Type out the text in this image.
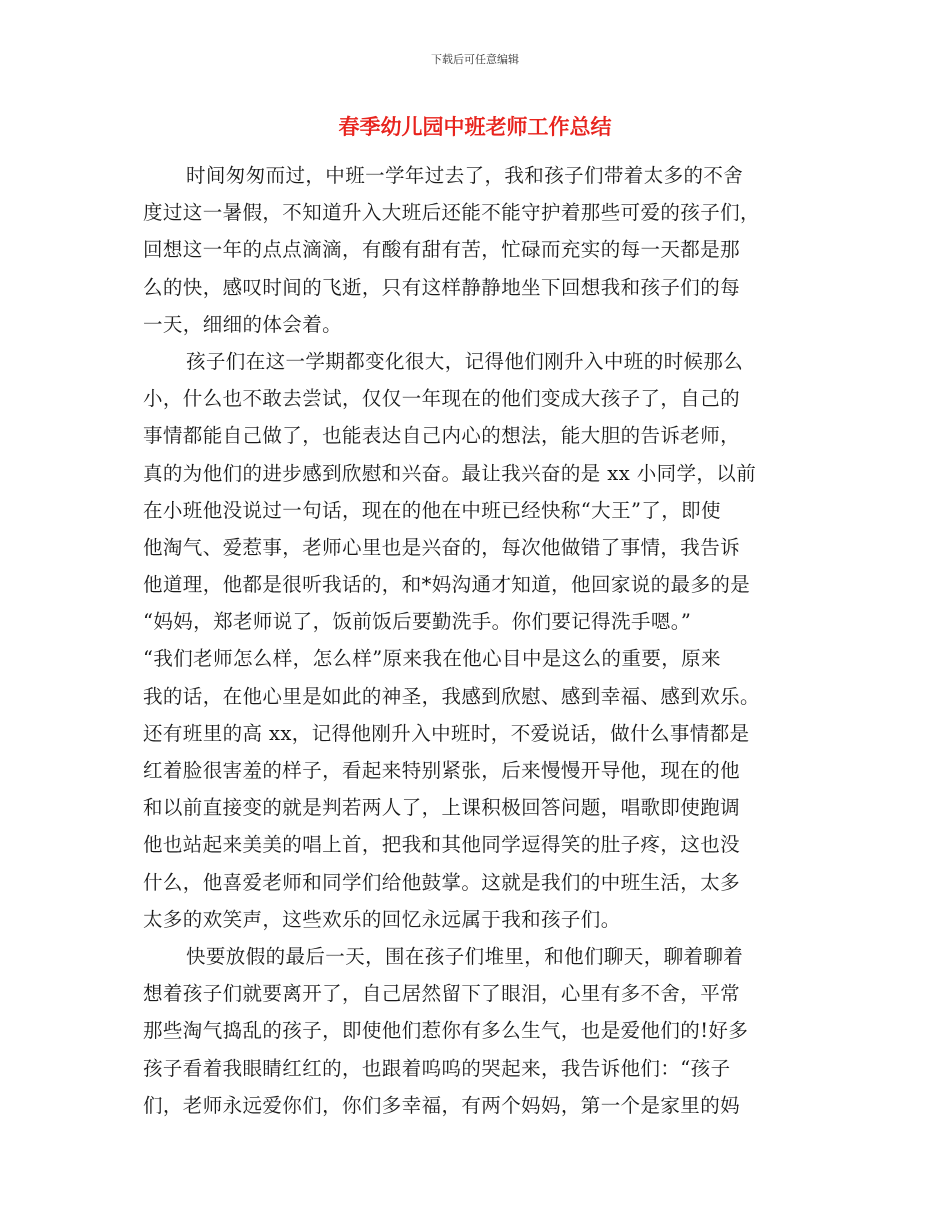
下载后可任意编辑
春季幼儿园中班老师工作总结
时间匆匆而过，中班一学年过去了，我和孩子们带着太多的不舍
度过这一暑假，不知道升入大班后还能不能守护着那些可爱的孩子们，
回想这一年的点点滴滴，有酸有甜有苦，忙碌而充实的每一天都是那
么的快，感叹时间的飞逝，只有这样静静地坐下回想我和孩子们的每
一天，细细的体会着。
孩子们在这一学期都变化很大，记得他们刚升入中班的时候那么
小，什么也不敢去尝试，仅仅一年现在的他们变成大孩子了，自己的
事情都能自己做了，也能表达自己内心的想法，能大胆的告诉老师，
真的为他们的进步感到欣慰和兴奋。最让我兴奋的是 xx 小同学，以前
在小班他没说过一句话，现在的他在中班已经快称“大王”了，即使
他淘气、爱惹事，老师心里也是兴奋的，每次他做错了事情，我告诉
他道理，他都是很听我话的，和*妈沟通才知道，他回家说的最多的是
“妈妈，郑老师说了，饭前饭后要勤洗手。你们要记得洗手嗯。”
“我们老师怎么样，怎么样”原来我在他心目中是这么的重要，原来
我的话，在他心里是如此的神圣，我感到欣慰、感到幸福、感到欢乐。
还有班里的高 xx，记得他刚升入中班时，不爱说话，做什么事情都是
红着脸很害羞的样子，看起来特别紧张，后来慢慢开导他，现在的他
和以前直接变的就是判若两人了，上课积极回答问题，唱歌即使跑调
他也站起来美美的唱上首，把我和其他同学逗得笑的肚子疼，这也没
什么，他喜爱老师和同学们给他鼓掌。这就是我们的中班生活，太多
太多的欢笑声，这些欢乐的回忆永远属于我和孩子们。
快要放假的最后一天，围在孩子们堆里，和他们聊天，聊着聊着
想着孩子们就要离开了，自己居然留下了眼泪，心里有多不舍，平常
那些淘气捣乱的孩子，即使他们惹你有多么生气，也是爱他们的!好多
孩子看着我眼睛红红的，也跟着呜呜的哭起来，我告诉他们：“孩子
们，老师永远爱你们，你们多幸福，有两个妈妈，第一个是家里的妈
